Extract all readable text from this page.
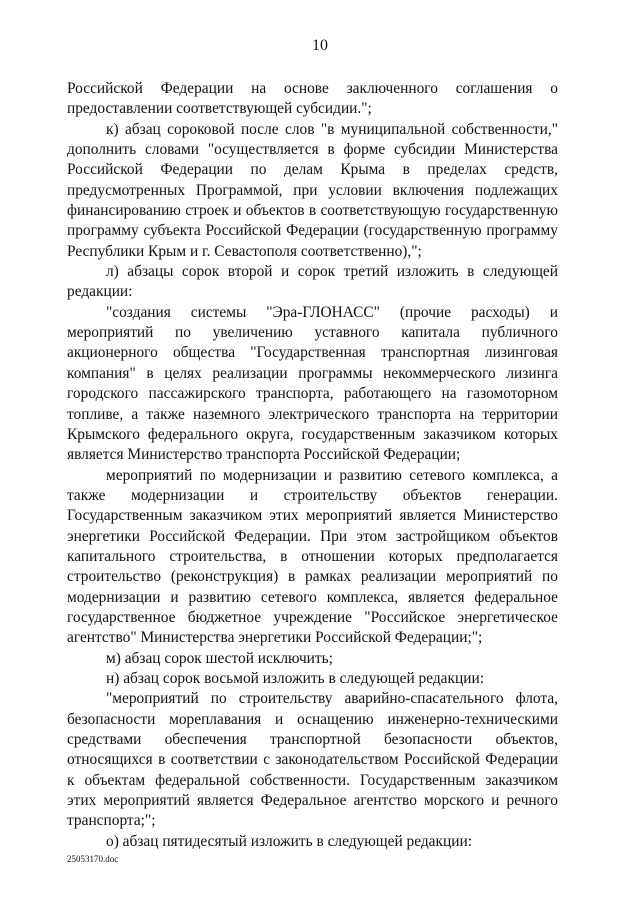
10

Российской Федерации на основе заключенного соглашения о предоставлении соответствующей субсидии.";

к) абзац сороковой после слов "в муниципальной собственности," дополнить словами "осуществляется в форме субсидии Министерства Российской Федерации по делам Крыма в пределах средств, предусмотренных Программой, при условии включения подлежащих финансированию строек и объектов в соответствующую государственную программу субъекта Российской Федерации (государственную программу Республики Крым и г. Севастополя соответственно),";

л) абзацы сорок второй и сорок третий изложить в следующей редакции:

"создания системы "Эра-ГЛОНАСС" (прочие расходы) и мероприятий по увеличению уставного капитала публичного акционерного общества "Государственная транспортная лизинговая компания" в целях реализации программы некоммерческого лизинга городского пассажирского транспорта, работающего на газомоторном топливе, а также наземного электрического транспорта на территории Крымского федерального округа, государственным заказчиком которых является Министерство транспорта Российской Федерации;

мероприятий по модернизации и развитию сетевого комплекса, а также модернизации и строительству объектов генерации. Государственным заказчиком этих мероприятий является Министерство энергетики Российской Федерации. При этом застройщиком объектов капитального строительства, в отношении которых предполагается строительство (реконструкция) в рамках реализации мероприятий по модернизации и развитию сетевого комплекса, является федеральное государственное бюджетное учреждение "Российское энергетическое агентство" Министерства энергетики Российской Федерации;";

м) абзац сорок шестой исключить;

н) абзац сорок восьмой изложить в следующей редакции:

"мероприятий по строительству аварийно-спасательного флота, безопасности мореплавания и оснащению инженерно-техническими средствами обеспечения транспортной безопасности объектов, относящихся в соответствии с законодательством Российской Федерации к объектам федеральной собственности. Государственным заказчиком этих мероприятий является Федеральное агентство морского и речного транспорта;";

о) абзац пятидесятый изложить в следующей редакции:

25053170.doc
